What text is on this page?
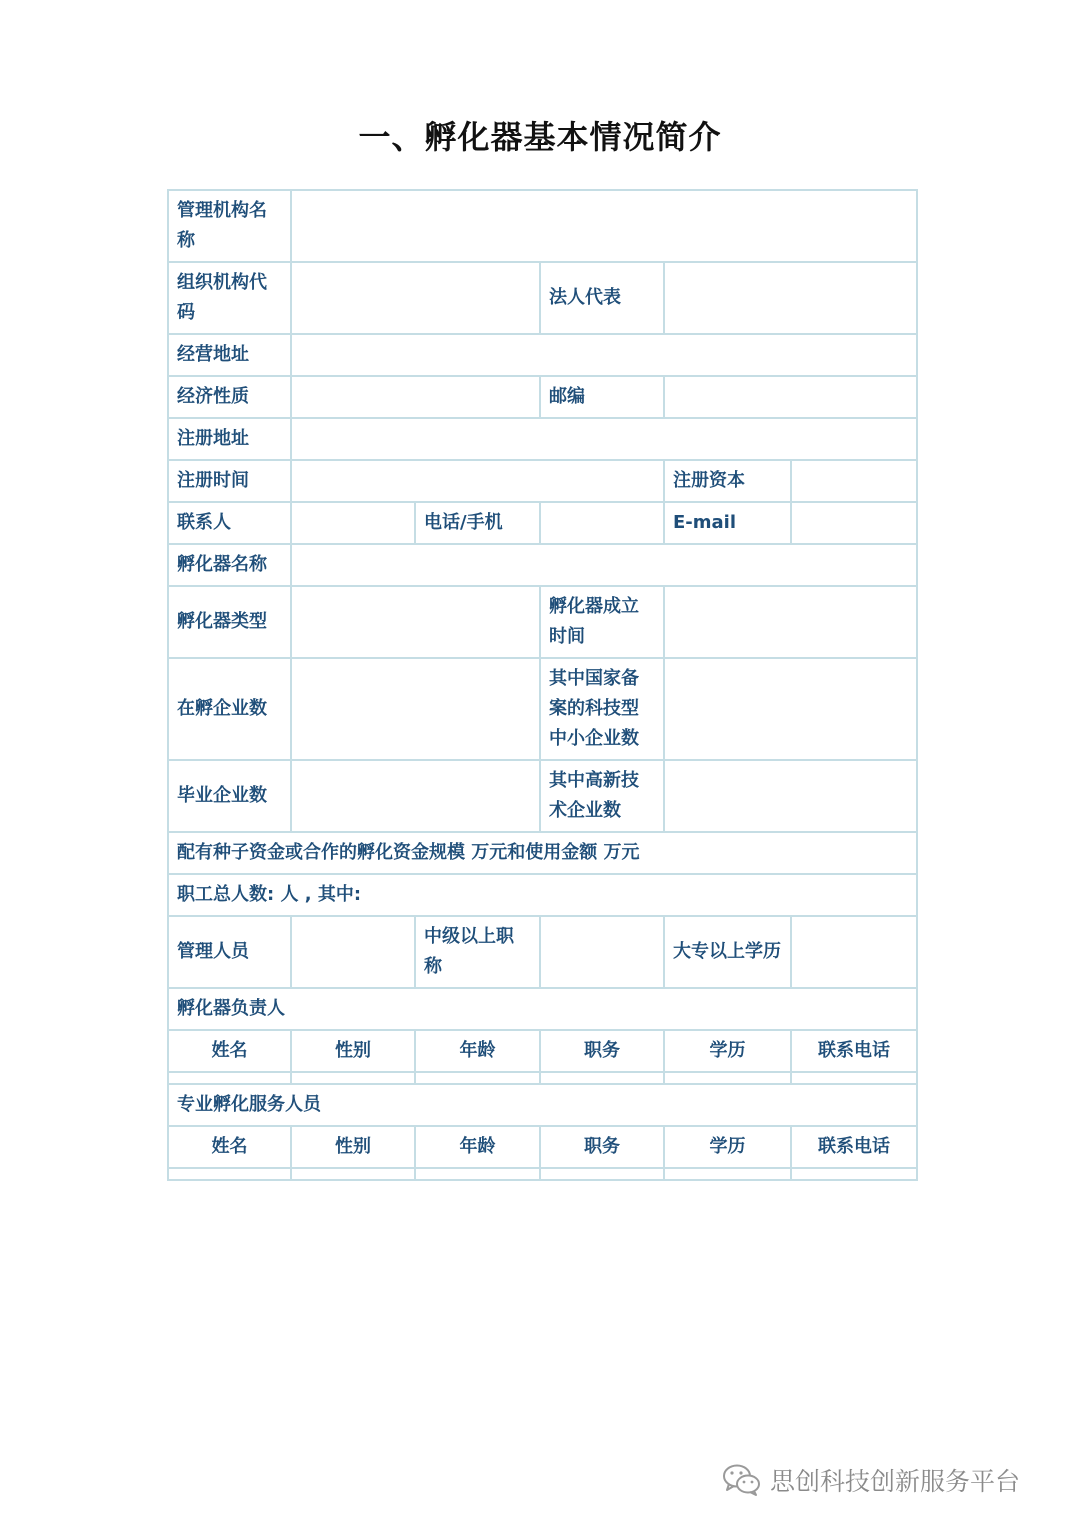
一、孵化器基本情况简介
管理机构名称					
组织机构代码			法人代表		
经营地址					
经济性质			邮编		
注册地址					
注册时间				注册资本	
联系人		电话/手机		E-mail	
孵化器名称					
孵化器类型			孵化器成立时间		
在孵企业数			其中国家备案的科技型中小企业数		
毕业企业数			其中高新技术企业数		
配有种子资金或合作的孵化资金规模 万元和使用金额 万元					
职工总人数: 人 , 其中:					
管理人员		中级以上职称		大专以上学历	
孵化器负责人					
姓名	性别	年龄	职务	学历	联系电话

专业孵化服务人员					
姓名	性别	年龄	职务	学历	联系电话

思创科技创新服务平台
